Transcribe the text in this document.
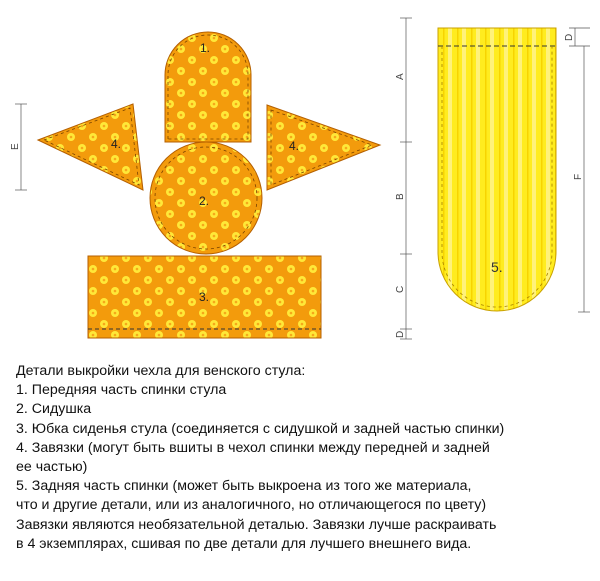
1.
4.	4.
2.
3.
5.
A
B
C
D
E
D
F
Детали выкройки чехла для венского стула:
1. Передняя часть спинки стула
2. Сидушка
3. Юбка сиденья стула (соединяется с сидушкой и задней частью спинки)
4. Завязки (могут быть вшиты в чехол спинки между передней и задней
ее частью)
5. Задняя часть спинки (может быть выкроена из того же материала,
что и другие детали, или из аналогичного, но отличающегося по цвету)
Завязки являются необязательной деталью. Завязки лучше раскраивать
в 4 экземплярах, сшивая по две детали для лучшего внешнего вида.
